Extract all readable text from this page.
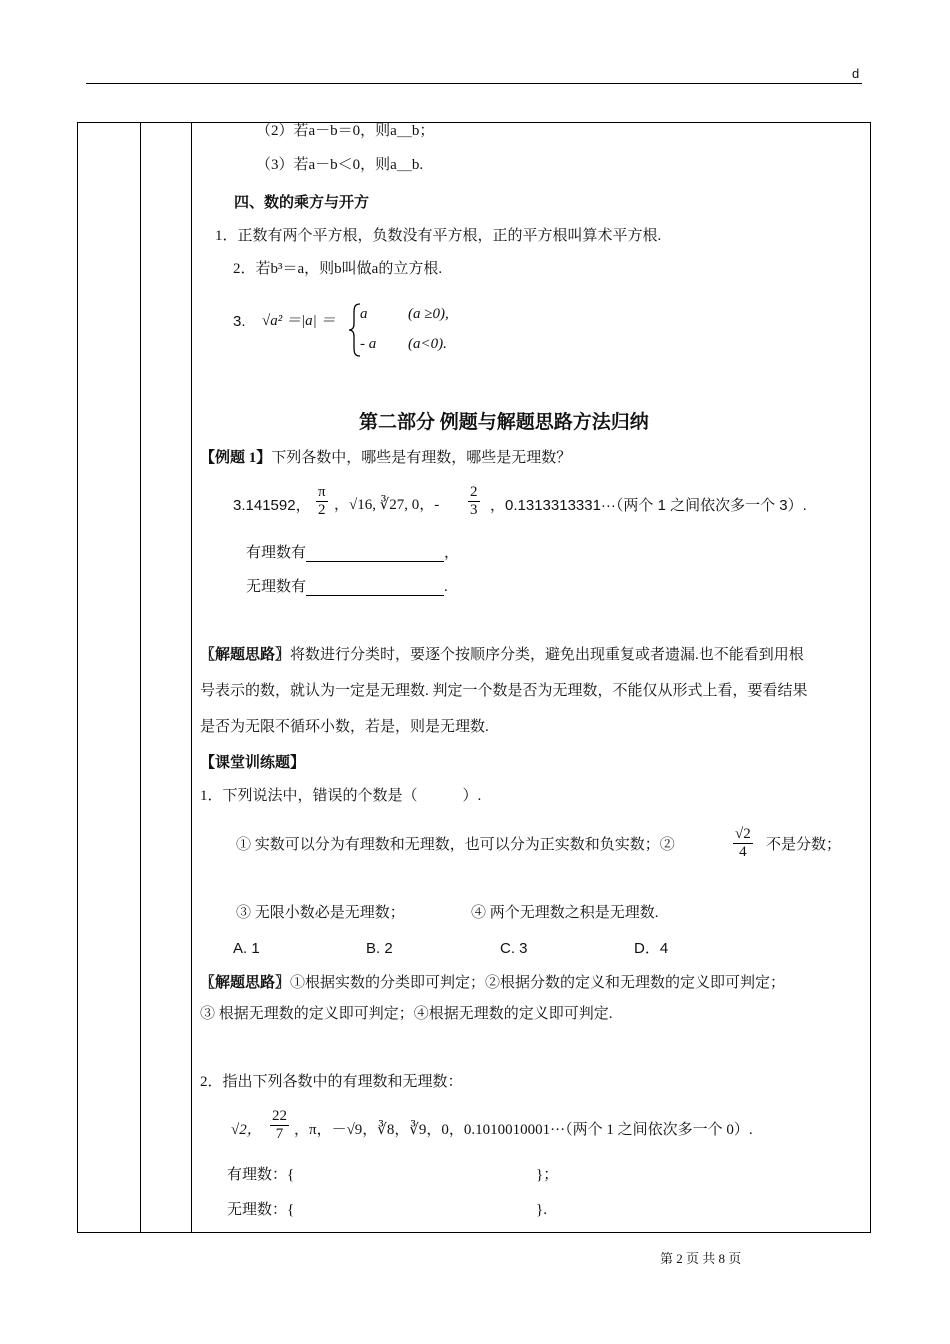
d
（2）若a－b＝0，则a＿b；
（3）若a－b＜0，则a＿b.
四、数的乘方与开方
1．正数有两个平方根，负数没有平方根，正的平方根叫算术平方根.
2．若b³＝a，则b叫做a的立方根.
3. √a² ＝|a| ＝ a	(a ≥0),
- a (a<0).
第二部分 例题与解题思路方法归纳
【例题 1】下列各数中，哪些是有理数，哪些是无理数？
3.141592， $\frac{\pi}{2}$ ，√16, ∛27, 0，- $\frac{2}{3}$ ，0.1313313331···（两个 1 之间依次多一个 3）.
有理数有	，
无理数有	.
〖解题思路〗将数进行分类时，要逐个按顺序分类，避免出现重复或者遗漏.也不能看到用根
号表示的数，就认为一定是无理数. 判定一个数是否为无理数，不能仅从形式上看，要看结果
是否为无限不循环小数，若是，则是无理数.
【课堂训练题】
1．下列说法中，错误的个数是（　　　）.
① 实数可以分为有理数和无理数，也可以分为正实数和负实数；②	$\frac{√2}{4}$ 不是分数；
③ 无限小数必是无理数；	④ 两个无理数之积是无理数.
A. 1	B. 2	C. 3	D．4
〖解题思路〗①根据实数的分类即可判定；②根据分数的定义和无理数的定义即可判定；
③ 根据无理数的定义即可判定；④根据无理数的定义即可判定.
2．指出下列各数中的有理数和无理数：
√2， $\frac{22}{7}$ ，π，－√9，∛8，∛9，0，0.1010010001···（两个 1 之间依次多一个 0）.
有理数：{	}；
无理数：{	}.
第 2 页 共 8 页
